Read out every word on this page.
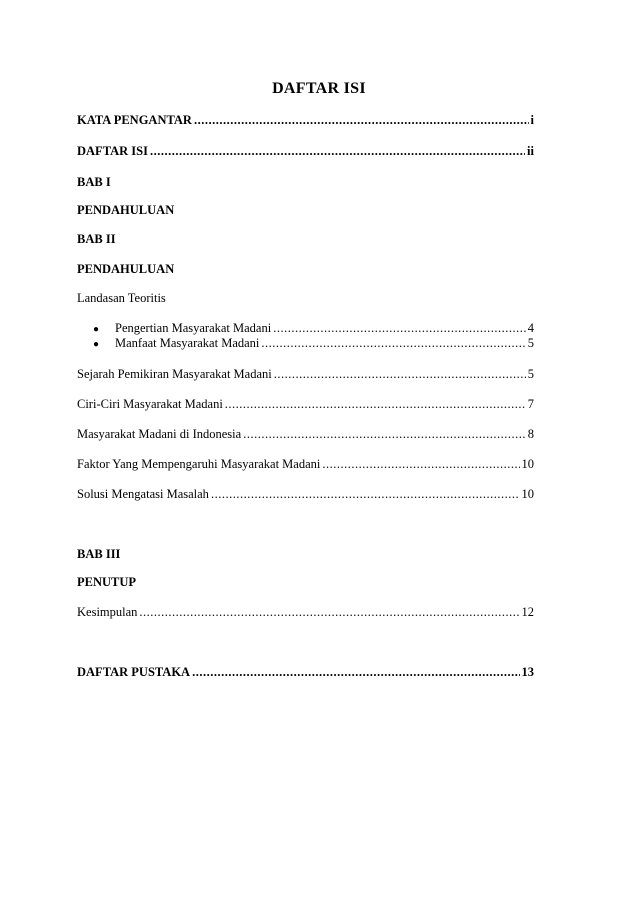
DAFTAR ISI
KATA PENGANTAR .....	i
DAFTAR ISI .....	ii
BAB I
PENDAHULUAN
BAB II
PENDAHULUAN
Landasan Teoritis
●
Pengertian Masyarakat Madani .....	4
●
Manfaat Masyarakat Madani .....	5
Sejarah Pemikiran Masyarakat Madani .....	5
Ciri-Ciri Masyarakat Madani .....	7
Masyarakat Madani di Indonesia .....	8
Faktor Yang Mempengaruhi Masyarakat Madani .....	10
Solusi Mengatasi Masalah .....	10
BAB III
PENUTUP
Kesimpulan .....	12
DAFTAR PUSTAKA .....	13
